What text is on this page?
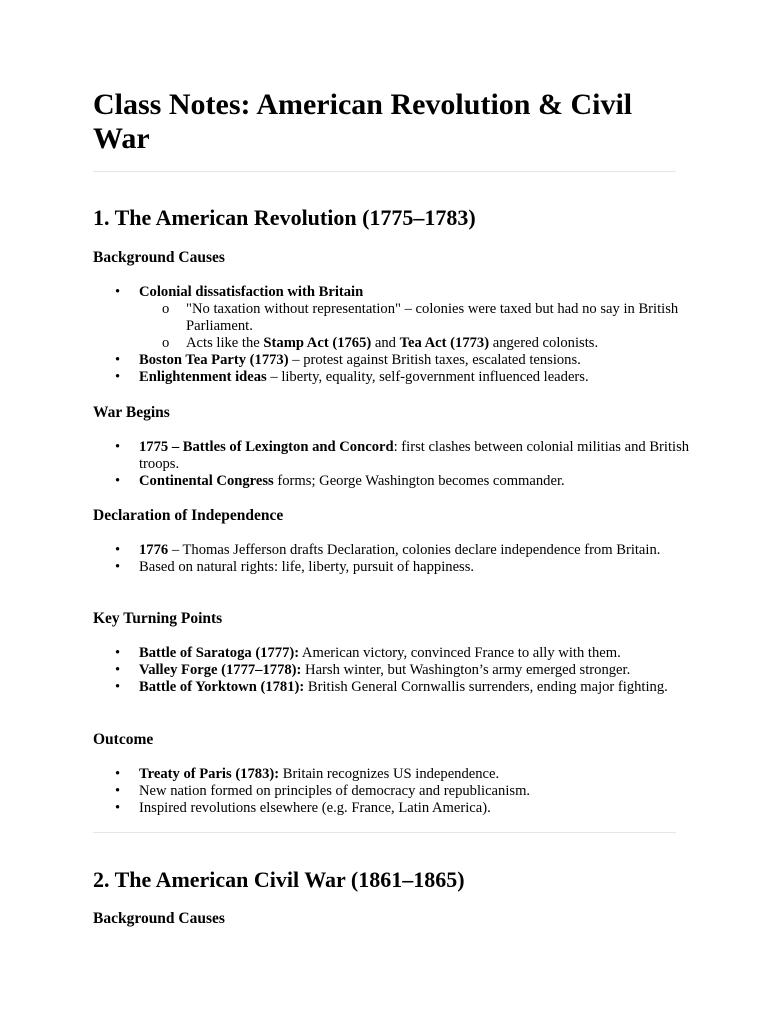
Class Notes: American Revolution & Civil War
1. The American Revolution (1775–1783)
Background Causes
• Colonial dissatisfaction with Britain
o "No taxation without representation" – colonies were taxed but had no say in British Parliament.
o Acts like the Stamp Act (1765) and Tea Act (1773) angered colonists.
• Boston Tea Party (1773) – protest against British taxes, escalated tensions.
• Enlightenment ideas – liberty, equality, self-government influenced leaders.
War Begins
• 1775 – Battles of Lexington and Concord: first clashes between colonial militias and British troops.
• Continental Congress forms; George Washington becomes commander.
Declaration of Independence
• 1776 – Thomas Jefferson drafts Declaration, colonies declare independence from Britain.
• Based on natural rights: life, liberty, pursuit of happiness.
Key Turning Points
• Battle of Saratoga (1777): American victory, convinced France to ally with them.
• Valley Forge (1777–1778): Harsh winter, but Washington’s army emerged stronger.
• Battle of Yorktown (1781): British General Cornwallis surrenders, ending major fighting.
Outcome
• Treaty of Paris (1783): Britain recognizes US independence.
• New nation formed on principles of democracy and republicanism.
• Inspired revolutions elsewhere (e.g. France, Latin America).
2. The American Civil War (1861–1865)
Background Causes
